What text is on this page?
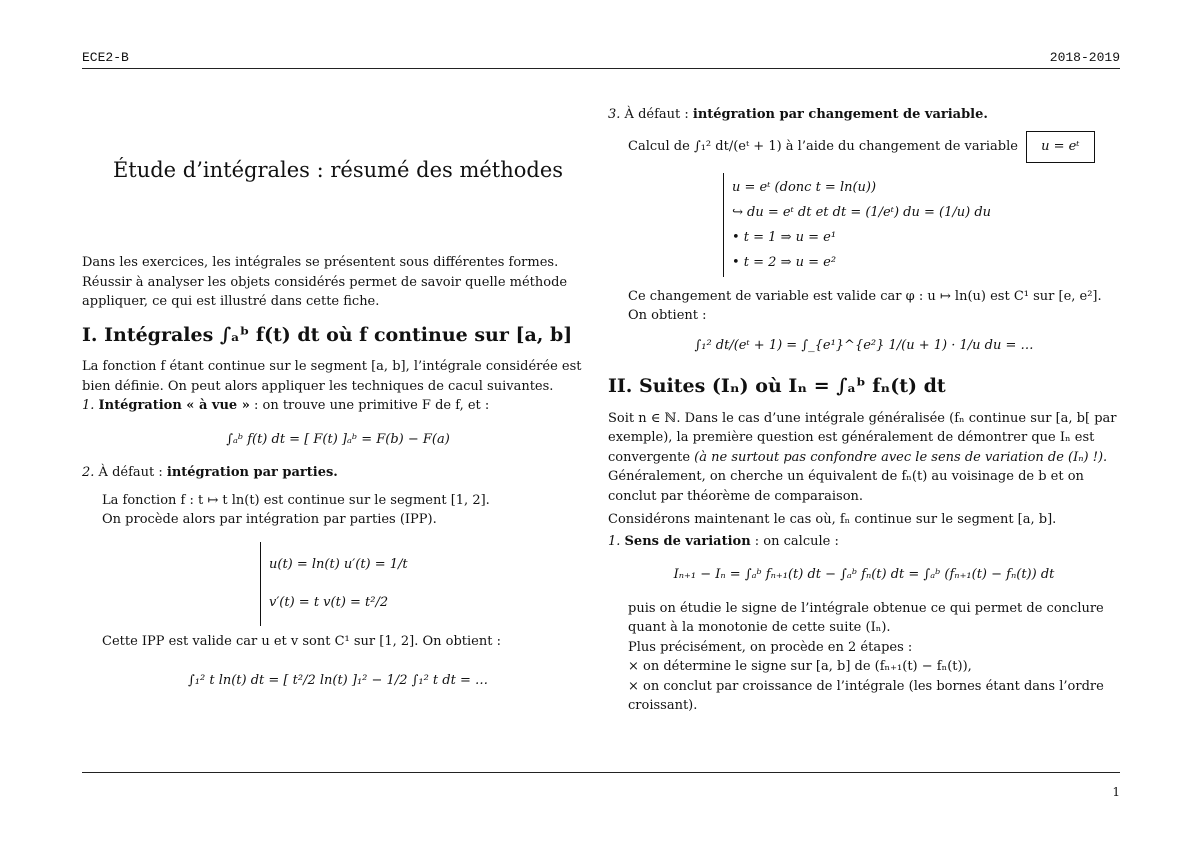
ECE2-B	2018-2019
Étude d’intégrales : résumé des méthodes

Dans les exercices, les intégrales se présentent sous différentes formes. Réussir à analyser les objets considérés permet de savoir quelle méthode appliquer, ce qui est illustré dans cette fiche.

I. Intégrales ∫ₐᵇ f(t) dt où f continue sur [a, b]

La fonction f étant continue sur le segment [a, b], l’intégrale considérée est bien définie. On peut alors appliquer les techniques de cacul suivantes.

1. Intégration « à vue » : on trouve une primitive F de f, et :

∫ₐᵇ f(t) dt = [ F(t) ]ₐᵇ = F(b) − F(a)

2. À défaut : intégration par parties.

La fonction f : t ↦ t ln(t) est continue sur le segment [1, 2].

On procède alors par intégration par parties (IPP).

u(t) = ln(t) u′(t) = 1/t
v′(t) = t v(t) = t²/2

Cette IPP est valide car u et v sont C¹ sur [1, 2]. On obtient :

∫₁² t ln(t) dt = [ t²/2 ln(t) ]₁² − 1/2 ∫₁² t dt = …

3. À défaut : intégration par changement de variable.

Calcul de ∫₁² dt/(eᵗ + 1) à l’aide du changement de variable u = eᵗ

u = eᵗ (donc t = ln(u))
↪ du = eᵗ dt et dt = (1/eᵗ) du = (1/u) du
• t = 1 ⇒ u = e¹
• t = 2 ⇒ u = e²

Ce changement de variable est valide car φ : u ↦ ln(u) est C¹ sur [e, e²].

On obtient :

∫₁² dt/(eᵗ + 1) = ∫_{e¹}^{e²} 1/(u + 1) · 1/u du = …

II. Suites (Iₙ) où Iₙ = ∫ₐᵇ fₙ(t) dt

Soit n ∈ ℕ. Dans le cas d’une intégrale généralisée (fₙ continue sur [a, b[ par exemple), la première question est généralement de démontrer que Iₙ est convergente (à ne surtout pas confondre avec le sens de variation de (Iₙ) !).

Généralement, on cherche un équivalent de fₙ(t) au voisinage de b et on conclut par théorème de comparaison.

Considérons maintenant le cas où, fₙ continue sur le segment [a, b].

1. Sens de variation : on calcule :

Iₙ₊₁ − Iₙ = ∫ₐᵇ fₙ₊₁(t) dt − ∫ₐᵇ fₙ(t) dt = ∫ₐᵇ (fₙ₊₁(t) − fₙ(t)) dt

puis on étudie le signe de l’intégrale obtenue ce qui permet de conclure quant à la monotonie de cette suite (Iₙ).

Plus précisément, on procède en 2 étapes :

× on détermine le signe sur [a, b] de (fₙ₊₁(t) − fₙ(t)),

× on conclut par croissance de l’intégrale (les bornes étant dans l’ordre croissant).

1
